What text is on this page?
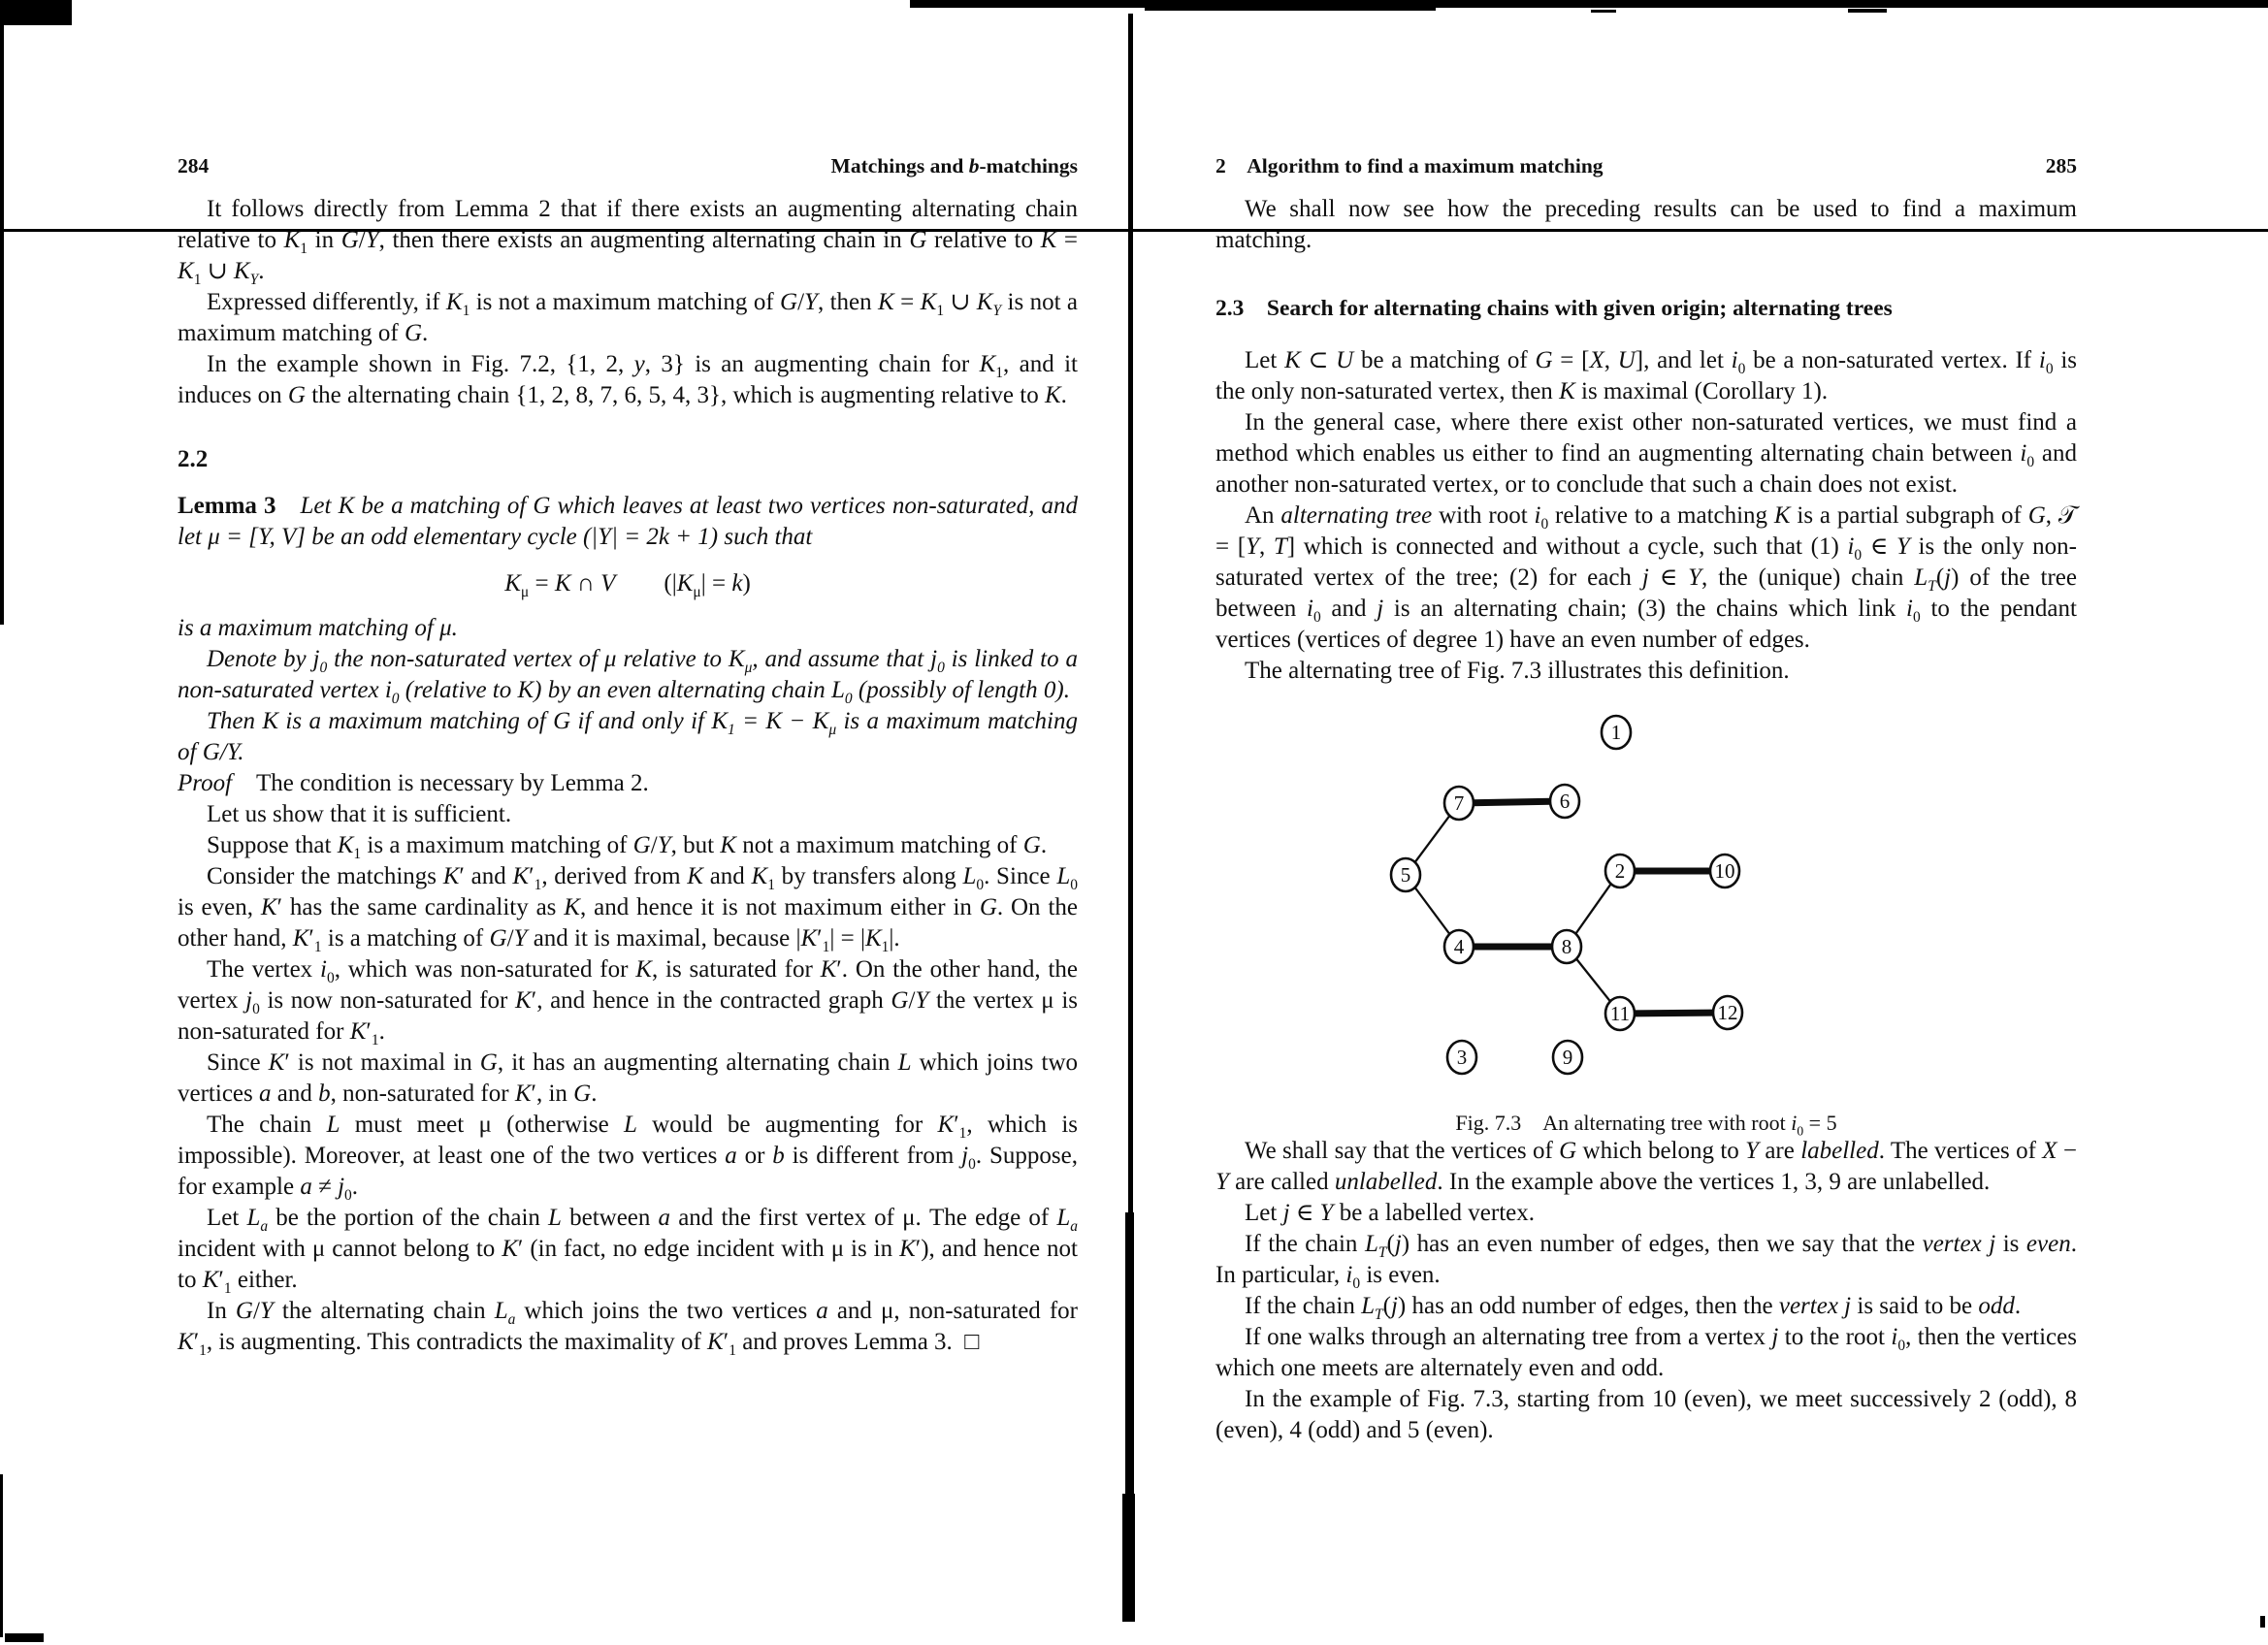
284	Matchings and b-matchings

It follows directly from Lemma 2 that if there exists an augmenting alternating chain relative to $K_1$ in G/Y, then there exists an augmenting alternating chain in G relative to $K = K_1$ ∪ $K_Y$.

Expressed differently, if $K_1$ is not a maximum matching of G/Y, then $K = K_1$ ∪ $K_Y$ is not a maximum matching of G.

In the example shown in Fig. 7.2, {1, 2, y, 3} is an augmenting chain for $K_1$, and it induces on G the alternating chain {1, 2, 8, 7, 6, 5, 4, 3}, which is augmenting relative to K.

2.2

Lemma 3 Let K be a matching of G which leaves at least two vertices non-saturated, and let μ = [Y, V] be an odd elementary cycle (|Y| = 2k + 1) such that

$K_\mu = K$ ∩ V  $(|K_\mu| = k)$

is a maximum matching of μ.

Denote by $j_0$ the non-saturated vertex of μ relative to $K_\mu$, and assume that $j_0$ is linked to a non-saturated vertex $i_0$ (relative to K) by an even alternating chain $L_0$ (possibly of length 0).

Then K is a maximum matching of G if and only if $K_1 = K - K_\mu$ is a maximum matching of G/Y.

Proof The condition is necessary by Lemma 2.

Let us show that it is sufficient.

Suppose that $K_1$ is a maximum matching of G/Y, but K not a maximum matching of G.

Consider the matchings K′ and $K'_1$, derived from K and $K_1$ by transfers along $L_0$. Since $L_0$ is even, K′ has the same cardinality as K, and hence it is not maximum either in G. On the other hand, $K'_1$ is a matching of G/Y and it is maximal, because $|K'_1| = |K_1|$.

The vertex $i_0$, which was non-saturated for K, is saturated for K′. On the other hand, the vertex $j_0$ is now non-saturated for K′, and hence in the contracted graph G/Y the vertex μ is non-saturated for $K'_1$.

Since K′ is not maximal in G, it has an augmenting alternating chain L which joins two vertices a and b, non-saturated for K′, in G.

The chain L must meet μ (otherwise L would be augmenting for $K'_1$, which is impossible). Moreover, at least one of the two vertices a or b is different from $j_0$. Suppose, for example $a \ne j_0$.

Let $L_a$ be the portion of the chain L between a and the first vertex of μ. The edge of $L_a$ incident with μ cannot belong to K′ (in fact, no edge incident with μ is in K′), and hence not to $K'_1$ either.

In G/Y the alternating chain $L_a$ which joins the two vertices a and μ, non-saturated for $K'_1$, is augmenting. This contradicts the maximality of $K'_1$ and proves Lemma 3. □

2 Algorithm to find a maximum matching	285

We shall now see how the preceding results can be used to find a maximum matching.

2.3 Search for alternating chains with given origin; alternating trees

Let K ⊂ U be a matching of G = [X, U], and let $i_0$ be a non-saturated vertex. If $i_0$ is the only non-saturated vertex, then K is maximal (Corollary 1).

In the general case, where there exist other non-saturated vertices, we must find a method which enables us either to find an augmenting alternating chain between $i_0$ and another non-saturated vertex, or to conclude that such a chain does not exist.

An alternating tree with root $i_0$ relative to a matching K is a partial subgraph of G, 𝒯 = [Y, T] which is connected and without a cycle, such that (1) $i_0$ ∈ Y is the only non-saturated vertex of the tree; (2) for each j ∈ Y, the (unique) chain $L_T(j)$ of the tree between $i_0$ and j is an alternating chain; (3) the chains which link $i_0$ to the pendant vertices (vertices of degree 1) have an even number of edges.

The alternating tree of Fig. 7.3 illustrates this definition.

1
7	6
5	2	10
4	8
11	12
3	9
Fig. 7.3 An alternating tree with root $i_0 = 5$

We shall say that the vertices of G which belong to Y are labelled. The vertices of X − Y are called unlabelled. In the example above the vertices 1, 3, 9 are unlabelled.

Let j ∈ Y be a labelled vertex.

If the chain $L_T(j)$ has an even number of edges, then we say that the vertex j is even. In particular, $i_0$ is even.

If the chain $L_T(j)$ has an odd number of edges, then the vertex j is said to be odd.

If one walks through an alternating tree from a vertex j to the root $i_0$, then the vertices which one meets are alternately even and odd.

In the example of Fig. 7.3, starting from 10 (even), we meet successively 2 (odd), 8 (even), 4 (odd) and 5 (even).
